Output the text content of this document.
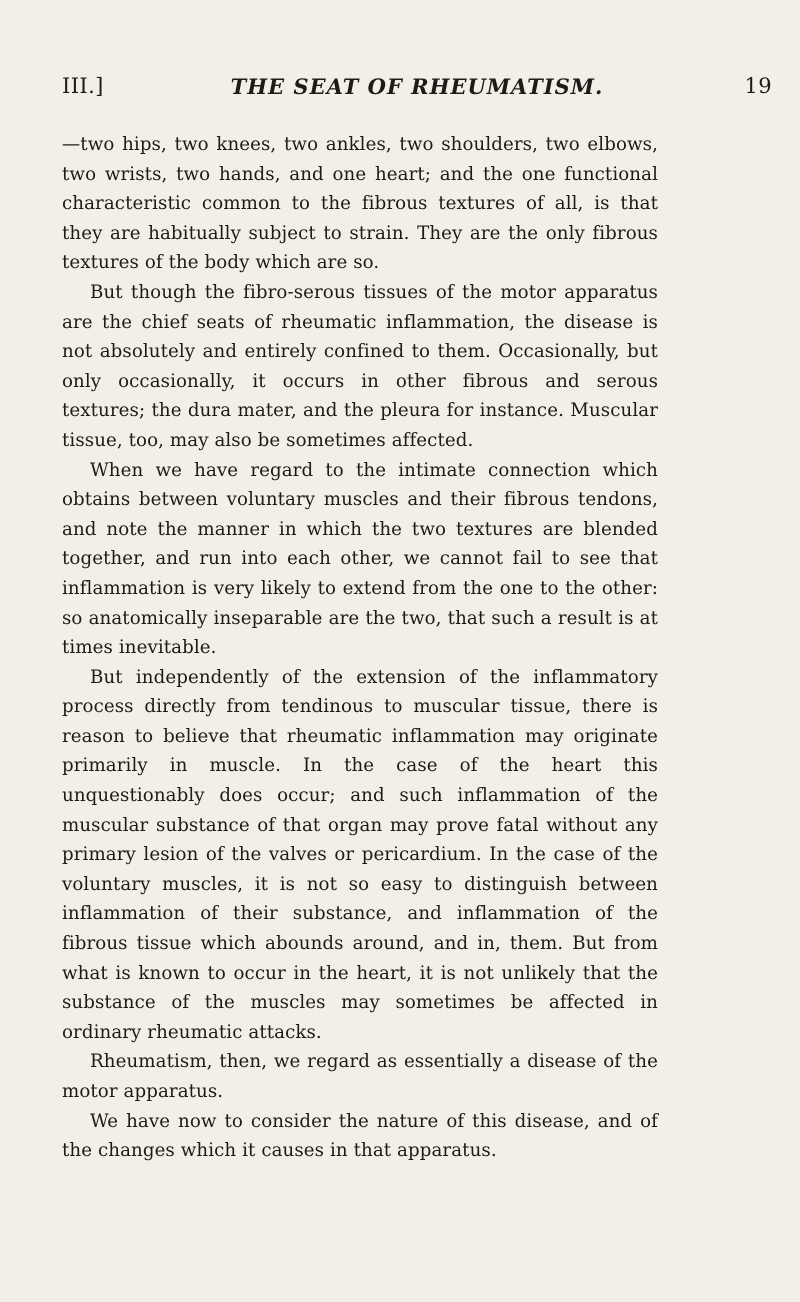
III.]	THE SEAT OF RHEUMATISM.	19

—two hips, two knees, two ankles, two shoulders, two elbows, two wrists, two hands, and one heart; and the one functional characteristic common to the fibrous textures of all, is that they are habitually subject to strain. They are the only fibrous textures of the body which are so.

But though the fibro-serous tissues of the motor apparatus are the chief seats of rheumatic inflammation, the disease is not absolutely and entirely confined to them. Occasionally, but only occasionally, it occurs in other fibrous and serous textures; the dura mater, and the pleura for instance. Muscular tissue, too, may also be sometimes affected.

When we have regard to the intimate connection which obtains between voluntary muscles and their fibrous tendons, and note the manner in which the two textures are blended together, and run into each other, we cannot fail to see that inflammation is very likely to extend from the one to the other: so anatomically inseparable are the two, that such a result is at times inevitable.

But independently of the extension of the inflammatory process directly from tendinous to muscular tissue, there is reason to believe that rheumatic inflammation may originate primarily in muscle. In the case of the heart this unquestionably does occur; and such inflammation of the muscular substance of that organ may prove fatal without any primary lesion of the valves or pericardium. In the case of the voluntary muscles, it is not so easy to distinguish between inflammation of their substance, and inflammation of the fibrous tissue which abounds around, and in, them. But from what is known to occur in the heart, it is not unlikely that the substance of the muscles may sometimes be affected in ordinary rheumatic attacks.

Rheumatism, then, we regard as essentially a disease of the motor apparatus.

We have now to consider the nature of this disease, and of the changes which it causes in that apparatus.
